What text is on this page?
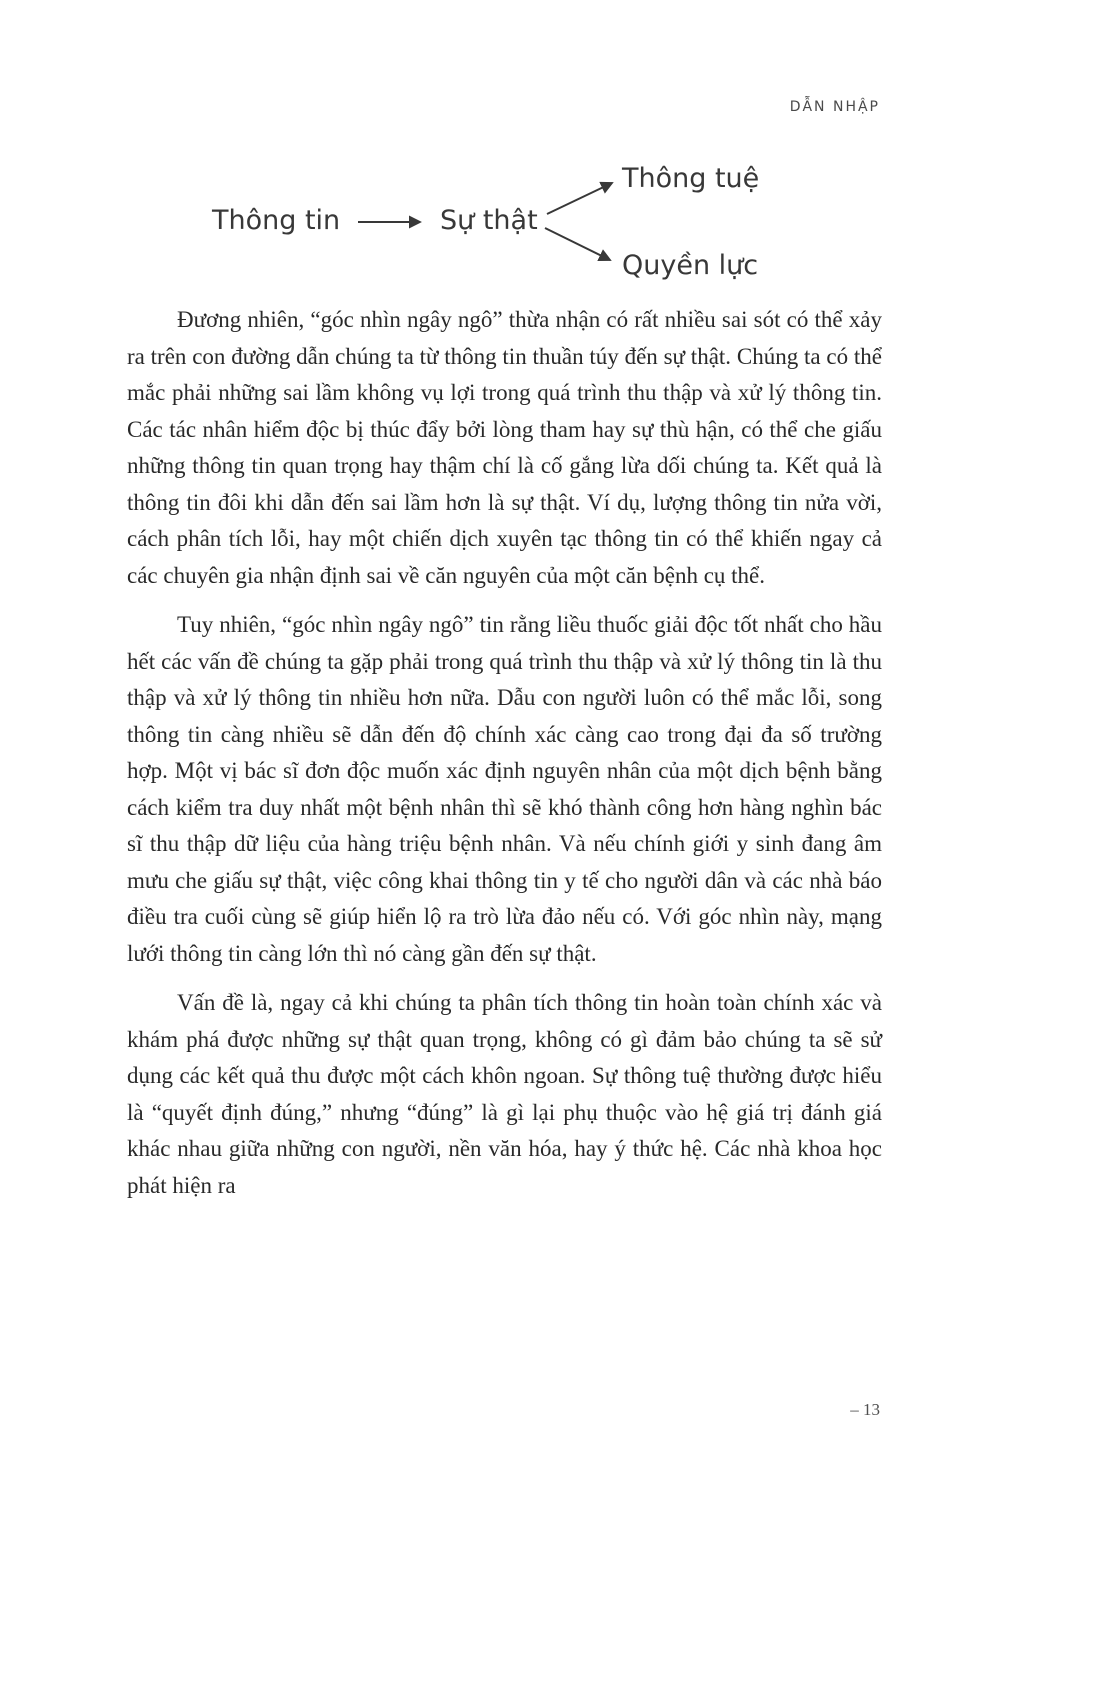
DẪN NHẬP
Thông tin	Sự thật
Thông tuệ
Quyền lực

Đương nhiên, “góc nhìn ngây ngô” thừa nhận có rất nhiều sai sót có thể xảy ra trên con đường dẫn chúng ta từ thông tin thuần túy đến sự thật. Chúng ta có thể mắc phải những sai lầm không vụ lợi trong quá trình thu thập và xử lý thông tin. Các tác nhân hiểm độc bị thúc đẩy bởi lòng tham hay sự thù hận, có thể che giấu những thông tin quan trọng hay thậm chí là cố gắng lừa dối chúng ta. Kết quả là thông tin đôi khi dẫn đến sai lầm hơn là sự thật. Ví dụ, lượng thông tin nửa vời, cách phân tích lỗi, hay một chiến dịch xuyên tạc thông tin có thể khiến ngay cả các chuyên gia nhận định sai về căn nguyên của một căn bệnh cụ thể.

Tuy nhiên, “góc nhìn ngây ngô” tin rằng liều thuốc giải độc tốt nhất cho hầu hết các vấn đề chúng ta gặp phải trong quá trình thu thập và xử lý thông tin là thu thập và xử lý thông tin nhiều hơn nữa. Dẫu con người luôn có thể mắc lỗi, song thông tin càng nhiều sẽ dẫn đến độ chính xác càng cao trong đại đa số trường hợp. Một vị bác sĩ đơn độc muốn xác định nguyên nhân của một dịch bệnh bằng cách kiểm tra duy nhất một bệnh nhân thì sẽ khó thành công hơn hàng nghìn bác sĩ thu thập dữ liệu của hàng triệu bệnh nhân. Và nếu chính giới y sinh đang âm mưu che giấu sự thật, việc công khai thông tin y tế cho người dân và các nhà báo điều tra cuối cùng sẽ giúp hiển lộ ra trò lừa đảo nếu có. Với góc nhìn này, mạng lưới thông tin càng lớn thì nó càng gần đến sự thật.

Vấn đề là, ngay cả khi chúng ta phân tích thông tin hoàn toàn chính xác và khám phá được những sự thật quan trọng, không có gì đảm bảo chúng ta sẽ sử dụng các kết quả thu được một cách khôn ngoan. Sự thông tuệ thường được hiểu là “quyết định đúng,” nhưng “đúng” là gì lại phụ thuộc vào hệ giá trị đánh giá khác nhau giữa những con người, nền văn hóa, hay ý thức hệ. Các nhà khoa học phát hiện ra

– 13
